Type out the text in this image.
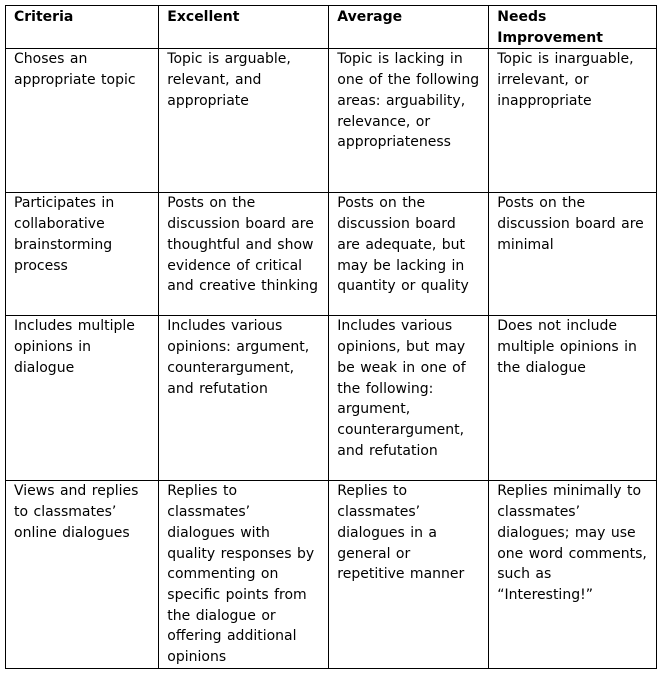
Criteria	Excellent	Average	Needs Improvement
Choses an appropriate topic	Topic is arguable, relevant, and appropriate	Topic is lacking in one of the following areas: arguability, relevance, or appropriateness	Topic is inarguable, irrelevant, or inappropriate
Participates in collaborative brainstorming process	Posts on the discussion board are thoughtful and show evidence of critical and creative thinking	Posts on the discussion board are adequate, but may be lacking in quantity or quality	Posts on the discussion board are minimal
Includes multiple opinions in dialogue	Includes various opinions: argument, counterargument, and refutation	Includes various opinions, but may be weak in one of the following: argument, counterargument, and refutation	Does not include multiple opinions in the dialogue
Views and replies to classmates’ online dialogues	Replies to classmates’ dialogues with quality responses by commenting on specific points from the dialogue or offering additional opinions	Replies to classmates’ dialogues in a general or repetitive manner	Replies minimally to classmates’ dialogues; may use one word comments, such as “Interesting!”
